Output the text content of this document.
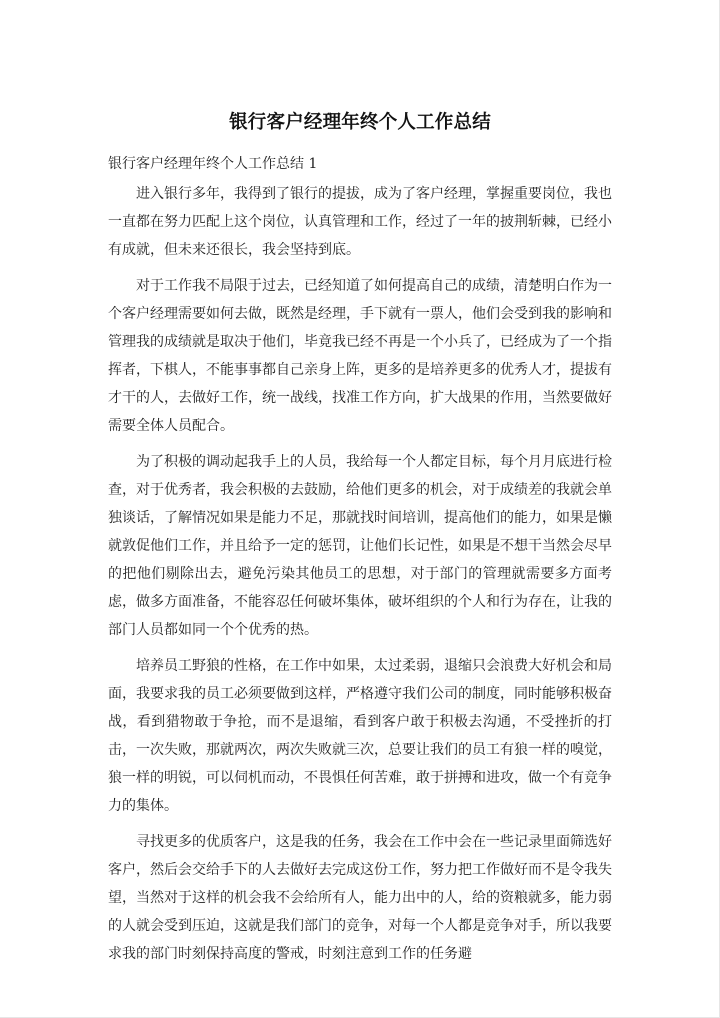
银行客户经理年终个人工作总结
银行客户经理年终个人工作总结 1

进入银行多年，我得到了银行的提拔，成为了客户经理，掌握重要岗位，我也一直都在努力匹配上这个岗位，认真管理和工作，经过了一年的披荆斩棘，已经小有成就，但未来还很长，我会坚持到底。

对于工作我不局限于过去，已经知道了如何提高自己的成绩，清楚明白作为一个客户经理需要如何去做，既然是经理，手下就有一票人，他们会受到我的影响和管理我的成绩就是取决于他们，毕竟我已经不再是一个小兵了，已经成为了一个指挥者，下棋人，不能事事都自己亲身上阵，更多的是培养更多的优秀人才，提拔有才干的人，去做好工作，统一战线，找准工作方向，扩大战果的作用，当然要做好需要全体人员配合。

为了积极的调动起我手上的人员，我给每一个人都定目标，每个月月底进行检查，对于优秀者，我会积极的去鼓励，给他们更多的机会，对于成绩差的我就会单独谈话，了解情况如果是能力不足，那就找时间培训，提高他们的能力，如果是懒就敦促他们工作，并且给予一定的惩罚，让他们长记性，如果是不想干当然会尽早的把他们剔除出去，避免污染其他员工的思想，对于部门的管理就需要多方面考虑，做多方面准备，不能容忍任何破坏集体，破坏组织的个人和行为存在，让我的部门人员都如同一个个优秀的热。

培养员工野狼的性格，在工作中如果，太过柔弱，退缩只会浪费大好机会和局面，我要求我的员工必须要做到这样，严格遵守我们公司的制度，同时能够积极奋战，看到猎物敢于争抢，而不是退缩，看到客户敢于积极去沟通，不受挫折的打击，一次失败，那就两次，两次失败就三次，总要让我们的员工有狼一样的嗅觉，狼一样的明锐，可以伺机而动，不畏惧任何苦难，敢于拼搏和进攻，做一个有竞争力的集体。

寻找更多的优质客户，这是我的任务，我会在工作中会在一些记录里面筛选好客户，然后会交给手下的人去做好去完成这份工作，努力把工作做好而不是令我失望，当然对于这样的机会我不会给所有人，能力出中的人，给的资粮就多，能力弱的人就会受到压迫，这就是我们部门的竞争，对每一个人都是竞争对手，所以我要求我的部门时刻保持高度的警戒，时刻注意到工作的任务避
